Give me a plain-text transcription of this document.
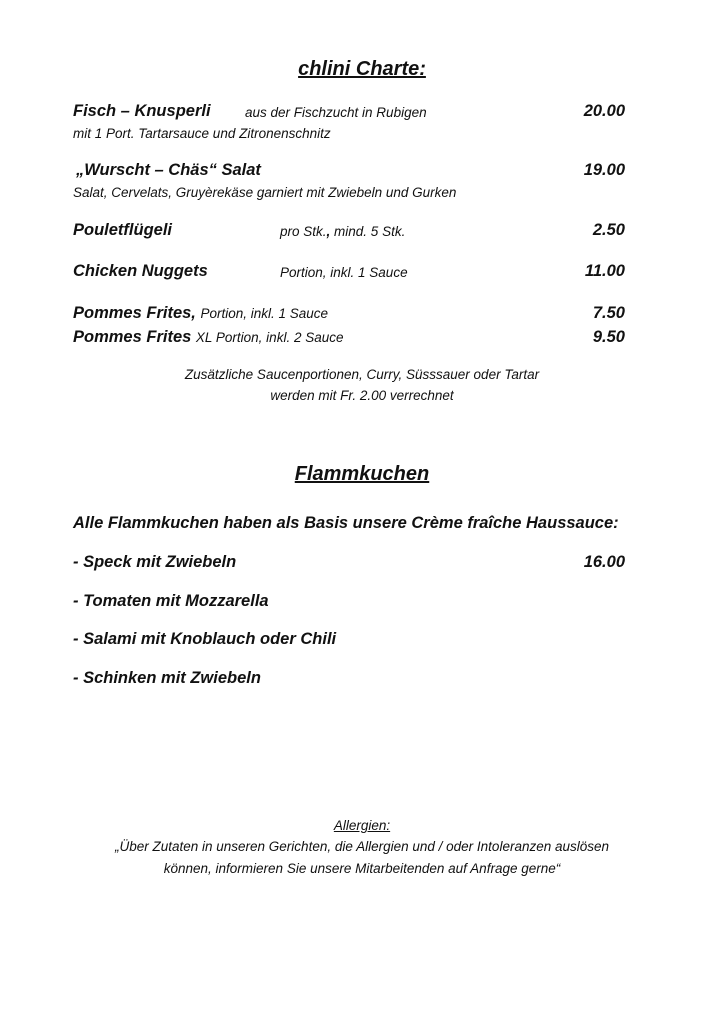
chlini Charte:
Fisch – Knusperli	aus der Fischzucht in Rubigen	20.00
mit 1 Port. Tartarsauce und Zitronenschnitz
„Wurscht – Chäs“ Salat	19.00
Salat, Cervelats, Gruyèrekäse garniert mit Zwiebeln und Gurken
Pouletflügeli	pro Stk., mind. 5 Stk.	2.50
Chicken Nuggets	Portion, inkl. 1 Sauce	11.00
Pommes Frites, Portion, inkl. 1 Sauce	7.50
Pommes Frites XL Portion, inkl. 2 Sauce	9.50
Zusätzliche Saucenportionen, Curry, Süsssauer oder Tartar
werden mit Fr. 2.00 verrechnet
Flammkuchen
Alle Flammkuchen haben als Basis unsere Crème fraîche Haussauce:
- Speck mit Zwiebeln	16.00
- Tomaten mit Mozzarella
- Salami mit Knoblauch oder Chili
- Schinken mit Zwiebeln
Allergien:
„Über Zutaten in unseren Gerichten, die Allergien und / oder Intoleranzen auslösen
können, informieren Sie unsere Mitarbeitenden auf Anfrage gerne“
